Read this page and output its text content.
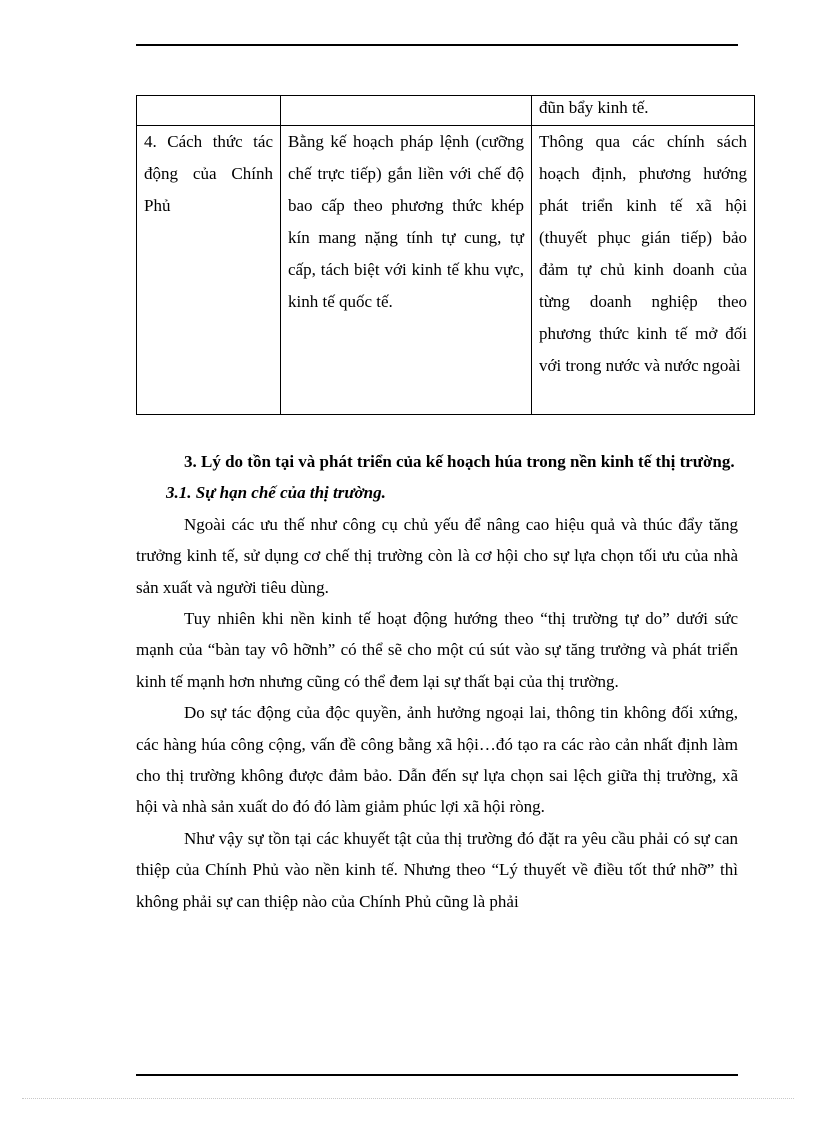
		đũn bẩy kinh tế.
4. Cách thức tác động của Chính Phủ	Bằng kế hoạch pháp lệnh (cưỡng chế trực tiếp) gắn liền với chế độ bao cấp theo phương thức khép kín mang nặng tính tự cung, tự cấp, tách biệt với kinh tế khu vực, kinh tế quốc tế.	Thông qua các chính sách hoạch định, phương hướng phát triển kinh tế xã hội (thuyết phục gián tiếp) bảo đảm tự chủ kinh doanh của từng doanh nghiệp theo phương thức kinh tế mở đối với trong nước và nước ngoài
3. Lý do tồn tại và phát triển của kế hoạch húa trong nền kinh tế thị trường.
3.1. Sự hạn chế của thị trường.

Ngoài các ưu thế như công cụ chủ yếu để nâng cao hiệu quả và thúc đẩy tăng trưởng kinh tế, sử dụng cơ chế thị trường còn là cơ hội cho sự lựa chọn tối ưu của nhà sản xuất và người tiêu dùng.

Tuy nhiên khi nền kinh tế hoạt động hướng theo “thị trường tự do” dưới sức mạnh của “bàn tay vô hỡnh” có thể sẽ cho một cú sút vào sự tăng trưởng và phát triển kinh tế mạnh hơn nhưng cũng có thể đem lại sự thất bại của thị trường.

Do sự tác động của độc quyền, ảnh hưởng ngoại lai, thông tin không đối xứng, các hàng húa công cộng, vấn đề công bằng xã hội…đó tạo ra các rào cản nhất định làm cho thị trường không được đảm bảo. Dẫn đến sự lựa chọn sai lệch giữa thị trường, xã hội và nhà sản xuất do đó đó làm giảm phúc lợi xã hội ròng.

Như vậy sự tồn tại các khuyết tật của thị trường đó đặt ra yêu cầu phải có sự can thiệp của Chính Phủ vào nền kinh tế. Nhưng theo “Lý thuyết về điều tốt thứ nhỡ” thì không phải sự can thiệp nào của Chính Phủ cũng là phải
